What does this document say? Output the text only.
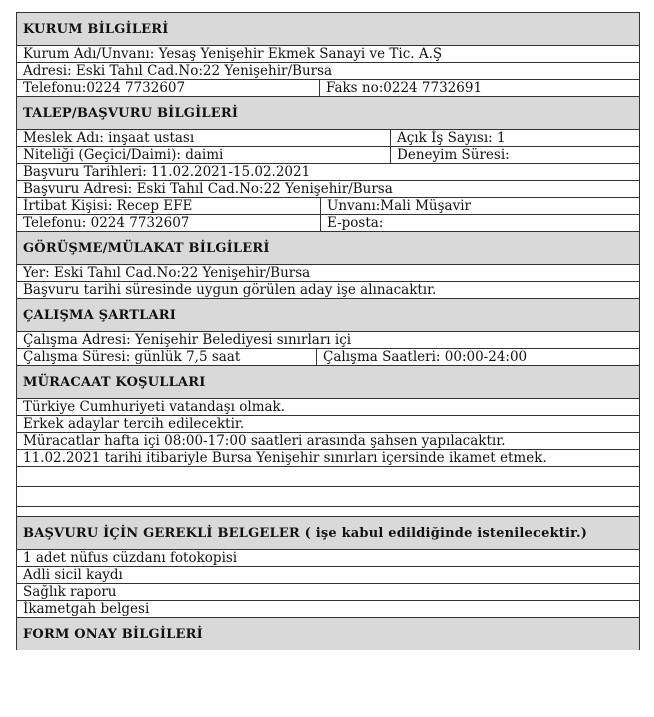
KURUM BİLGİLERİ
Kurum Adı/Unvanı: Yesaş Yenişehir Ekmek Sanayi ve Tic. A.Ş
Adresi: Eski Tahıl Cad.No:22 Yenişehir/Bursa
Telefonu:0224 7732607	Faks no:0224 7732691
TALEP/BAŞVURU BİLGİLERİ
Meslek Adı: inşaat ustası	Açık İş Sayısı: 1
Niteliği (Geçici/Daimi): daimi	Deneyim Süresi:
Başvuru Tarihleri: 11.02.2021-15.02.2021
Başvuru Adresi: Eski Tahıl Cad.No:22 Yenişehir/Bursa
İrtibat Kişisi: Recep EFE	Unvanı:Mali Müşavir
Telefonu: 0224 7732607	E-posta:
GÖRÜŞME/MÜLAKAT BİLGİLERİ
Yer: Eski Tahıl Cad.No:22 Yenişehir/Bursa
Başvuru tarihi süresinde uygun görülen aday işe alınacaktır.
ÇALIŞMA ŞARTLARI
Çalışma Adresi: Yenişehir Belediyesi sınırları içi
Çalışma Süresi: günlük 7,5 saat	Çalışma Saatleri: 00:00-24:00
MÜRACAAT KOŞULLARI
Türkiye Cumhuriyeti vatandaşı olmak.
Erkek adaylar tercih edilecektir.
Müracatlar hafta içi 08:00-17:00 saatleri arasında şahsen yapılacaktır.
11.02.2021 tarihi itibariyle Bursa Yenişehir sınırları içersinde ikamet etmek.
BAŞVURU İÇİN GEREKLİ BELGELER ( işe kabul edildiğinde istenilecektir.)
1 adet nüfus cüzdanı fotokopisi
Adli sicil kaydı
Sağlık raporu
İkametgah belgesi
FORM ONAY BİLGİLERİ
